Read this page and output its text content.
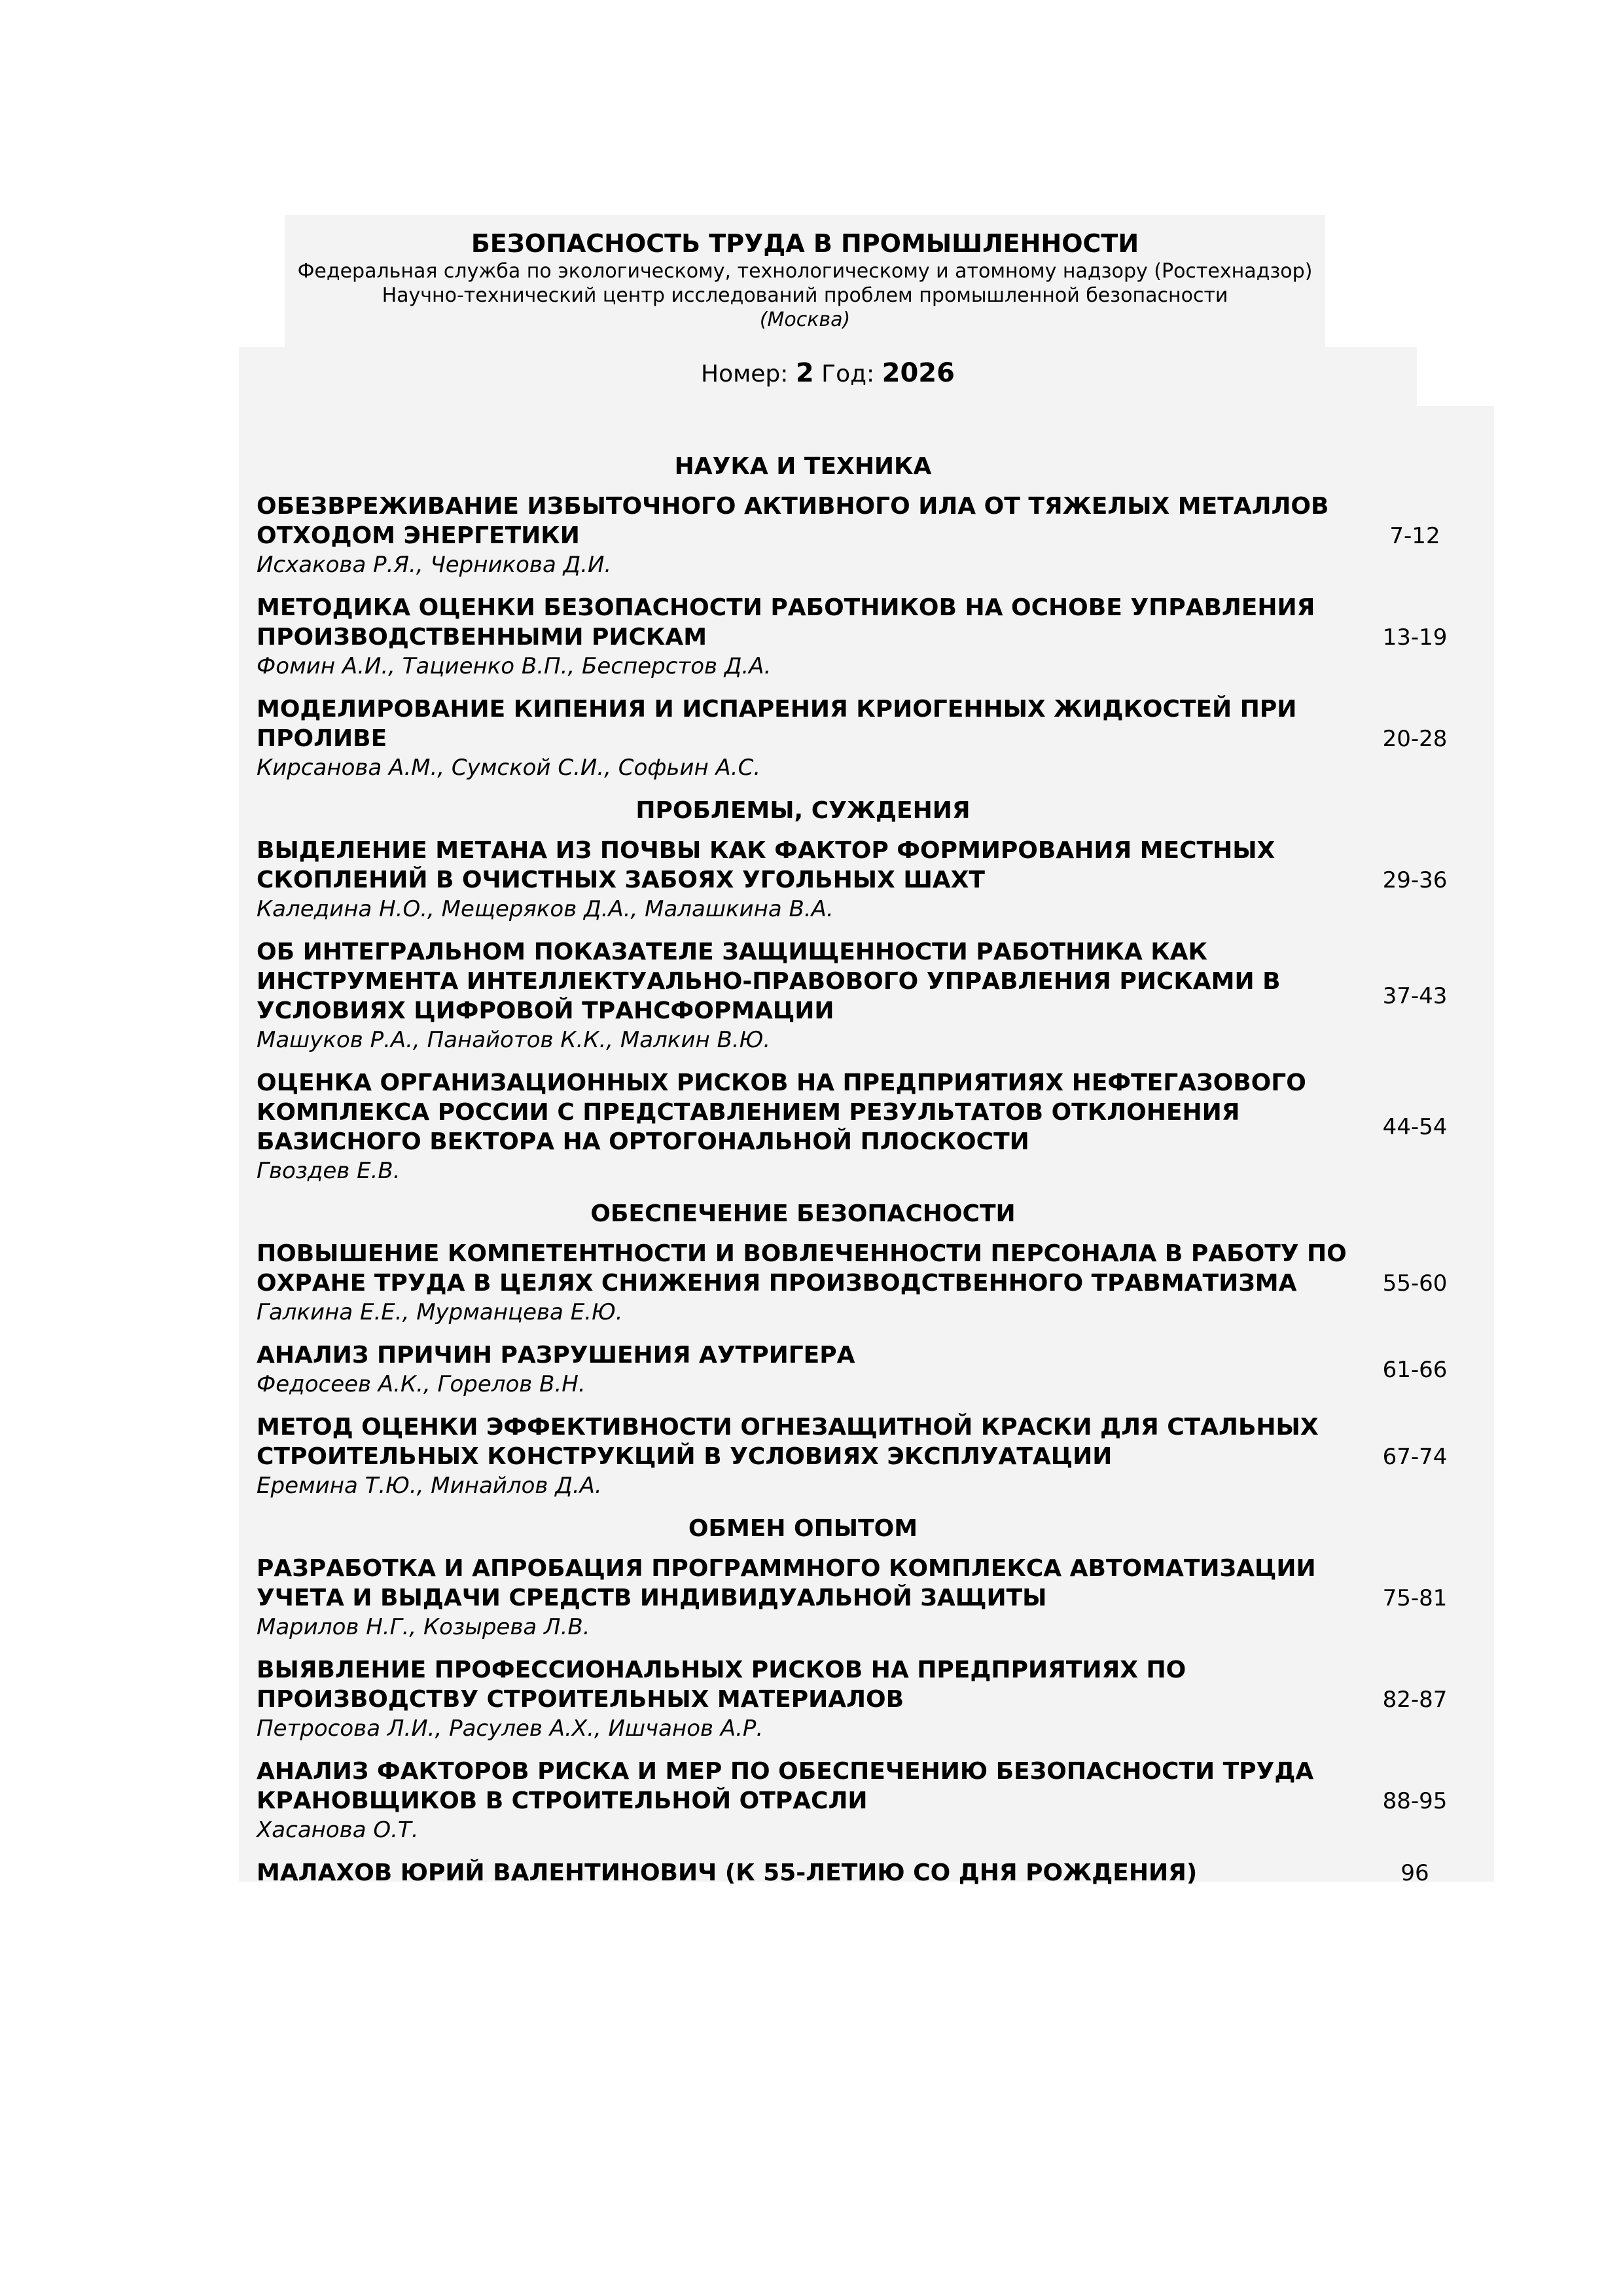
БЕЗОПАСНОСТЬ ТРУДА В ПРОМЫШЛЕННОСТИ
Федеральная служба по экологическому, технологическому и атомному надзору (Ростехнадзор)
Научно-технический центр исследований проблем промышленной безопасности
(Москва)
Номер: 2 Год: 2026
НАУКА И ТЕХНИКА
ОБЕЗВРЕЖИВАНИЕ ИЗБЫТОЧНОГО АКТИВНОГО ИЛА ОТ ТЯЖЕЛЫХ МЕТАЛЛОВ ОТХОДОМ ЭНЕРГЕТИКИ
Исхакова Р.Я., Черникова Д.И.
7-12
МЕТОДИКА ОЦЕНКИ БЕЗОПАСНОСТИ РАБОТНИКОВ НА ОСНОВЕ УПРАВЛЕНИЯ ПРОИЗВОДСТВЕННЫМИ РИСКАМ
Фомин А.И., Тациенко В.П., Бесперстов Д.А.
13-19
МОДЕЛИРОВАНИЕ КИПЕНИЯ И ИСПАРЕНИЯ КРИОГЕННЫХ ЖИДКОСТЕЙ ПРИ ПРОЛИВЕ
Кирсанова А.М., Сумской С.И., Софьин А.С.
20-28
ПРОБЛЕМЫ, СУЖДЕНИЯ
ВЫДЕЛЕНИЕ МЕТАНА ИЗ ПОЧВЫ КАК ФАКТОР ФОРМИРОВАНИЯ МЕСТНЫХ СКОПЛЕНИЙ В ОЧИСТНЫХ ЗАБОЯХ УГОЛЬНЫХ ШАХТ
Каледина Н.О., Мещеряков Д.А., Малашкина В.А.
29-36
ОБ ИНТЕГРАЛЬНОМ ПОКАЗАТЕЛЕ ЗАЩИЩЕННОСТИ РАБОТНИКА КАК ИНСТРУМЕНТА ИНТЕЛЛЕКТУАЛЬНО-ПРАВОВОГО УПРАВЛЕНИЯ РИСКАМИ В УСЛОВИЯХ ЦИФРОВОЙ ТРАНСФОРМАЦИИ
Машуков Р.А., Панайотов К.К., Малкин В.Ю.
37-43
ОЦЕНКА ОРГАНИЗАЦИОННЫХ РИСКОВ НА ПРЕДПРИЯТИЯХ НЕФТЕГАЗОВОГО КОМПЛЕКСА РОССИИ С ПРЕДСТАВЛЕНИЕМ РЕЗУЛЬТАТОВ ОТКЛОНЕНИЯ БАЗИСНОГО ВЕКТОРА НА ОРТОГОНАЛЬНОЙ ПЛОСКОСТИ
Гвоздев Е.В.
44-54
ОБЕСПЕЧЕНИЕ БЕЗОПАСНОСТИ
ПОВЫШЕНИЕ КОМПЕТЕНТНОСТИ И ВОВЛЕЧЕННОСТИ ПЕРСОНАЛА В РАБОТУ ПО ОХРАНЕ ТРУДА В ЦЕЛЯХ СНИЖЕНИЯ ПРОИЗВОДСТВЕННОГО ТРАВМАТИЗМА
Галкина Е.Е., Мурманцева Е.Ю.
55-60
АНАЛИЗ ПРИЧИН РАЗРУШЕНИЯ АУТРИГЕРА
Федосеев А.К., Горелов В.Н.
61-66
МЕТОД ОЦЕНКИ ЭФФЕКТИВНОСТИ ОГНЕЗАЩИТНОЙ КРАСКИ ДЛЯ СТАЛЬНЫХ СТРОИТЕЛЬНЫХ КОНСТРУКЦИЙ В УСЛОВИЯХ ЭКСПЛУАТАЦИИ
Еремина Т.Ю., Минайлов Д.А.
67-74
ОБМЕН ОПЫТОМ
РАЗРАБОТКА И АПРОБАЦИЯ ПРОГРАММНОГО КОМПЛЕКСА АВТОМАТИЗАЦИИ УЧЕТА И ВЫДАЧИ СРЕДСТВ ИНДИВИДУАЛЬНОЙ ЗАЩИТЫ
Марилов Н.Г., Козырева Л.В.
75-81
ВЫЯВЛЕНИЕ ПРОФЕССИОНАЛЬНЫХ РИСКОВ НА ПРЕДПРИЯТИЯХ ПО ПРОИЗВОДСТВУ СТРОИТЕЛЬНЫХ МАТЕРИАЛОВ
Петросова Л.И., Расулев А.Х., Ишчанов А.Р.
82-87
АНАЛИЗ ФАКТОРОВ РИСКА И МЕР ПО ОБЕСПЕЧЕНИЮ БЕЗОПАСНОСТИ ТРУДА КРАНОВЩИКОВ В СТРОИТЕЛЬНОЙ ОТРАСЛИ
Хасанова О.Т.
88-95
МАЛАХОВ ЮРИЙ ВАЛЕНТИНОВИЧ (К 55-ЛЕТИЮ СО ДНЯ РОЖДЕНИЯ)	96
